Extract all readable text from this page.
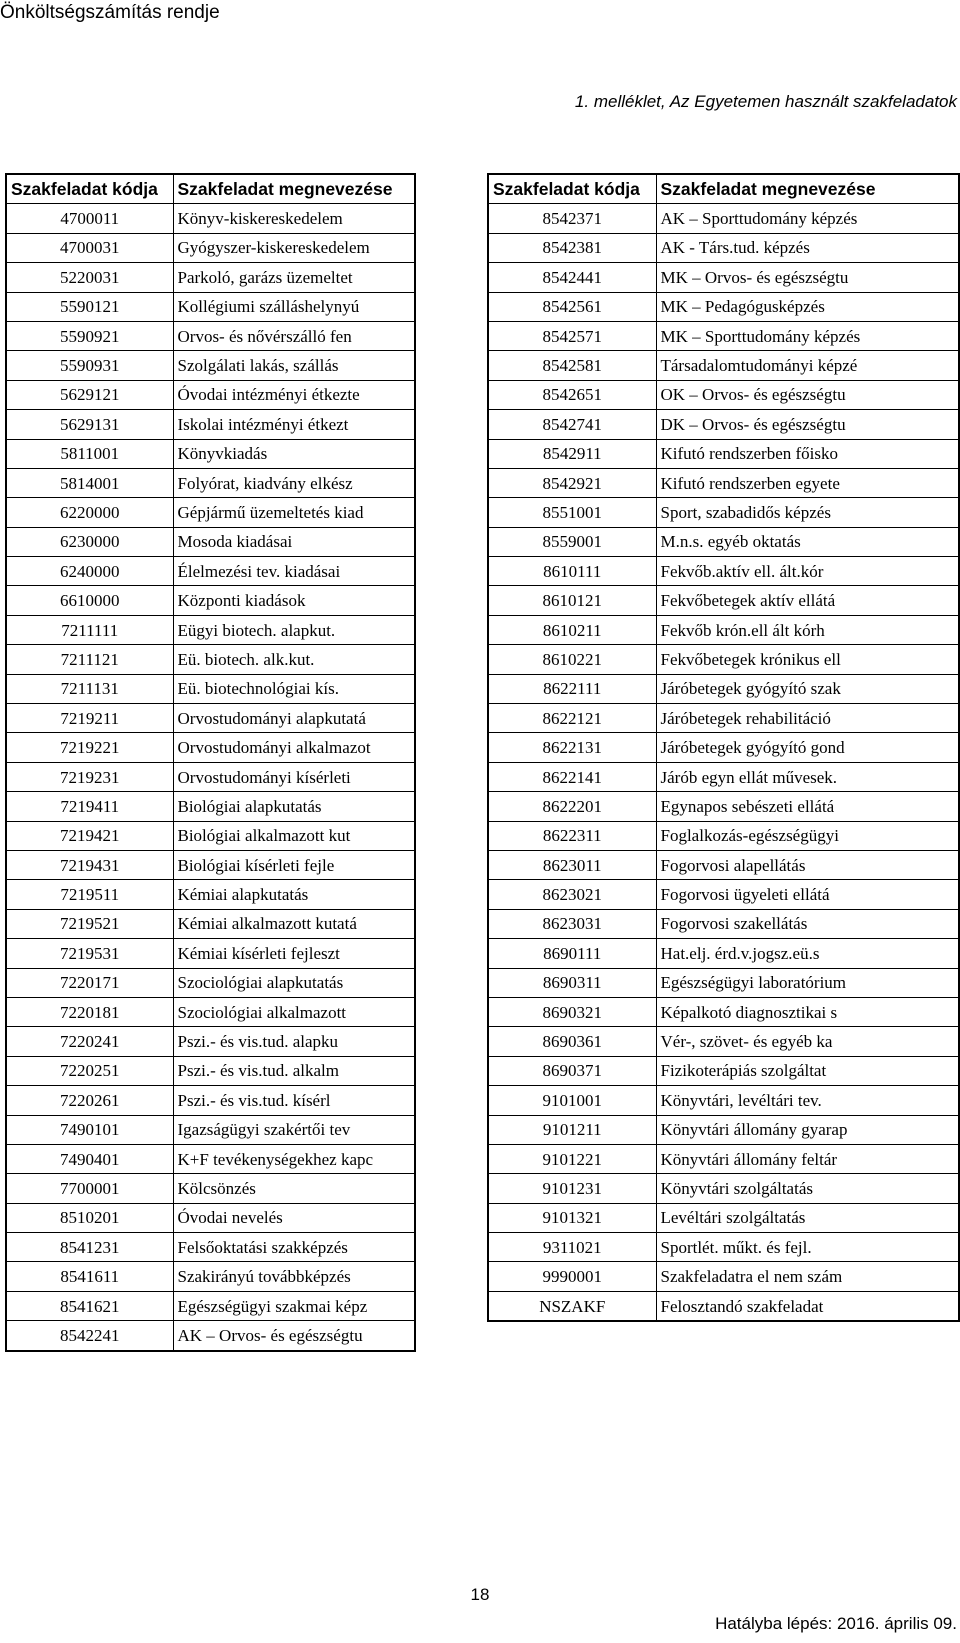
Önköltségszámítás rendje
1. melléklet, Az Egyetemen használt szakfeladatok
Szakfeladat kódja	Szakfeladat megnevezése
4700011	Könyv-kiskereskedelem
4700031	Gyógyszer-kiskereskedelem
5220031	Parkoló, garázs üzemeltet
5590121	Kollégiumi szálláshelynyú
5590921	Orvos- és nővérszálló fen
5590931	Szolgálati lakás, szállás
5629121	Óvodai intézményi étkezte
5629131	Iskolai intézményi étkezt
5811001	Könyvkiadás
5814001	Folyórat, kiadvány elkész
6220000	Gépjármű üzemeltetés kiad
6230000	Mosoda kiadásai
6240000	Élelmezési tev. kiadásai
6610000	Központi kiadások
7211111	Eügyi biotech. alapkut.
7211121	Eü. biotech. alk.kut.
7211131	Eü. biotechnológiai kís.
7219211	Orvostudományi alapkutatá
7219221	Orvostudományi alkalmazot
7219231	Orvostudományi kísérleti
7219411	Biológiai alapkutatás
7219421	Biológiai alkalmazott kut
7219431	Biológiai kísérleti fejle
7219511	Kémiai alapkutatás
7219521	Kémiai alkalmazott kutatá
7219531	Kémiai kísérleti fejleszt
7220171	Szociológiai alapkutatás
7220181	Szociológiai alkalmazott
7220241	Pszi.- és vis.tud. alapku
7220251	Pszi.- és vis.tud. alkalm
7220261	Pszi.- és vis.tud. kísérl
7490101	Igazságügyi szakértői tev
7490401	K+F tevékenységekhez kapc
7700001	Kölcsönzés
8510201	Óvodai nevelés
8541231	Felsőoktatási szakképzés
8541611	Szakirányú továbbképzés
8541621	Egészségügyi szakmai képz
8542241	AK – Orvos- és egészségtu
Szakfeladat kódja	Szakfeladat megnevezése
8542371	AK – Sporttudomány képzés
8542381	AK - Társ.tud. képzés
8542441	MK – Orvos- és egészségtu
8542561	MK – Pedagógusképzés
8542571	MK – Sporttudomány képzés
8542581	Társadalomtudományi képzé
8542651	OK – Orvos- és egészségtu
8542741	DK – Orvos- és egészségtu
8542911	Kifutó rendszerben főisko
8542921	Kifutó rendszerben egyete
8551001	Sport, szabadidős képzés
8559001	M.n.s. egyéb oktatás
8610111	Fekvőb.aktív ell. ált.kór
8610121	Fekvőbetegek aktív ellátá
8610211	Fekvőb krón.ell ált kórh
8610221	Fekvőbetegek krónikus ell
8622111	Járóbetegek gyógyító szak
8622121	Járóbetegek rehabilitáció
8622131	Járóbetegek gyógyító gond
8622141	Járób egyn ellát művesek.
8622201	Egynapos sebészeti ellátá
8622311	Foglalkozás-egészségügyi
8623011	Fogorvosi alapellátás
8623021	Fogorvosi ügyeleti ellátá
8623031	Fogorvosi szakellátás
8690111	Hat.elj. érd.v.jogsz.eü.s
8690311	Egészségügyi laboratórium
8690321	Képalkotó diagnosztikai s
8690361	Vér-, szövet- és egyéb ka
8690371	Fizikoterápiás szolgáltat
9101001	Könyvtári, levéltári tev.
9101211	Könyvtári állomány gyarap
9101221	Könyvtári állomány feltár
9101231	Könyvtári szolgáltatás
9101321	Levéltári szolgáltatás
9311021	Sportlét. műkt. és fejl.
9990001	Szakfeladatra el nem szám
NSZAKF	Felosztandó szakfeladat
18
Hatályba lépés: 2016. április 09.
